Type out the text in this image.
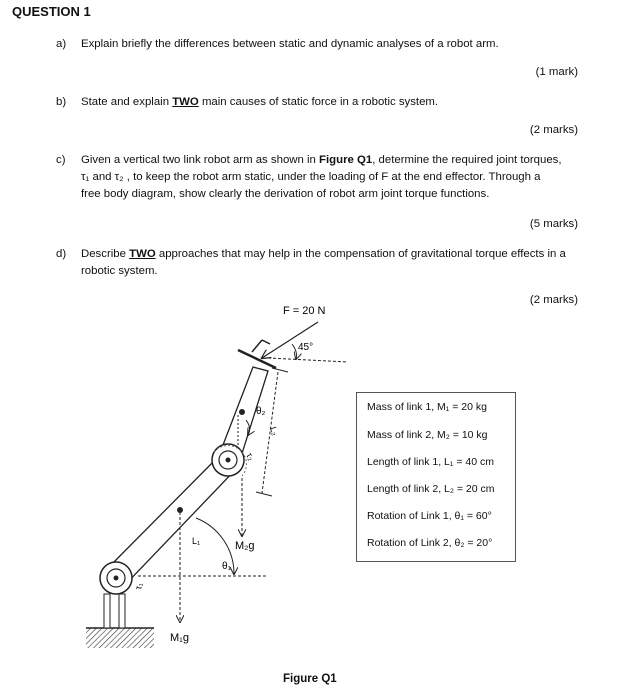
QUESTION 1
a) Explain briefly the differences between static and dynamic analyses of a robot arm.
(1 mark)
b) State and explain TWO main causes of static force in a robotic system.
(2 marks)
c) Given a vertical two link robot arm as shown in Figure Q1, determine the required joint torques,
τ₁ and τ₂ , to keep the robot arm static, under the loading of F at the end effector. Through a
free body diagram, show clearly the derivation of robot arm joint torque functions.
(5 marks)
d) Describe TWO approaches that may help in the compensation of gravitational torque effects in a
robotic system.
(2 marks)
F = 20 N
45°
L₂
θ₂
τ₂
M₂g
M₁g
θ₁
L₁
τ₁
Mass of link 1, M₁ = 20 kg
Mass of link 2, M₂ = 10 kg
Length of link 1, L₁ = 40 cm
Length of link 2, L₂ = 20 cm
Rotation of Link 1, θ₁ = 60°
Rotation of Link 2, θ₂ = 20°
Figure Q1
